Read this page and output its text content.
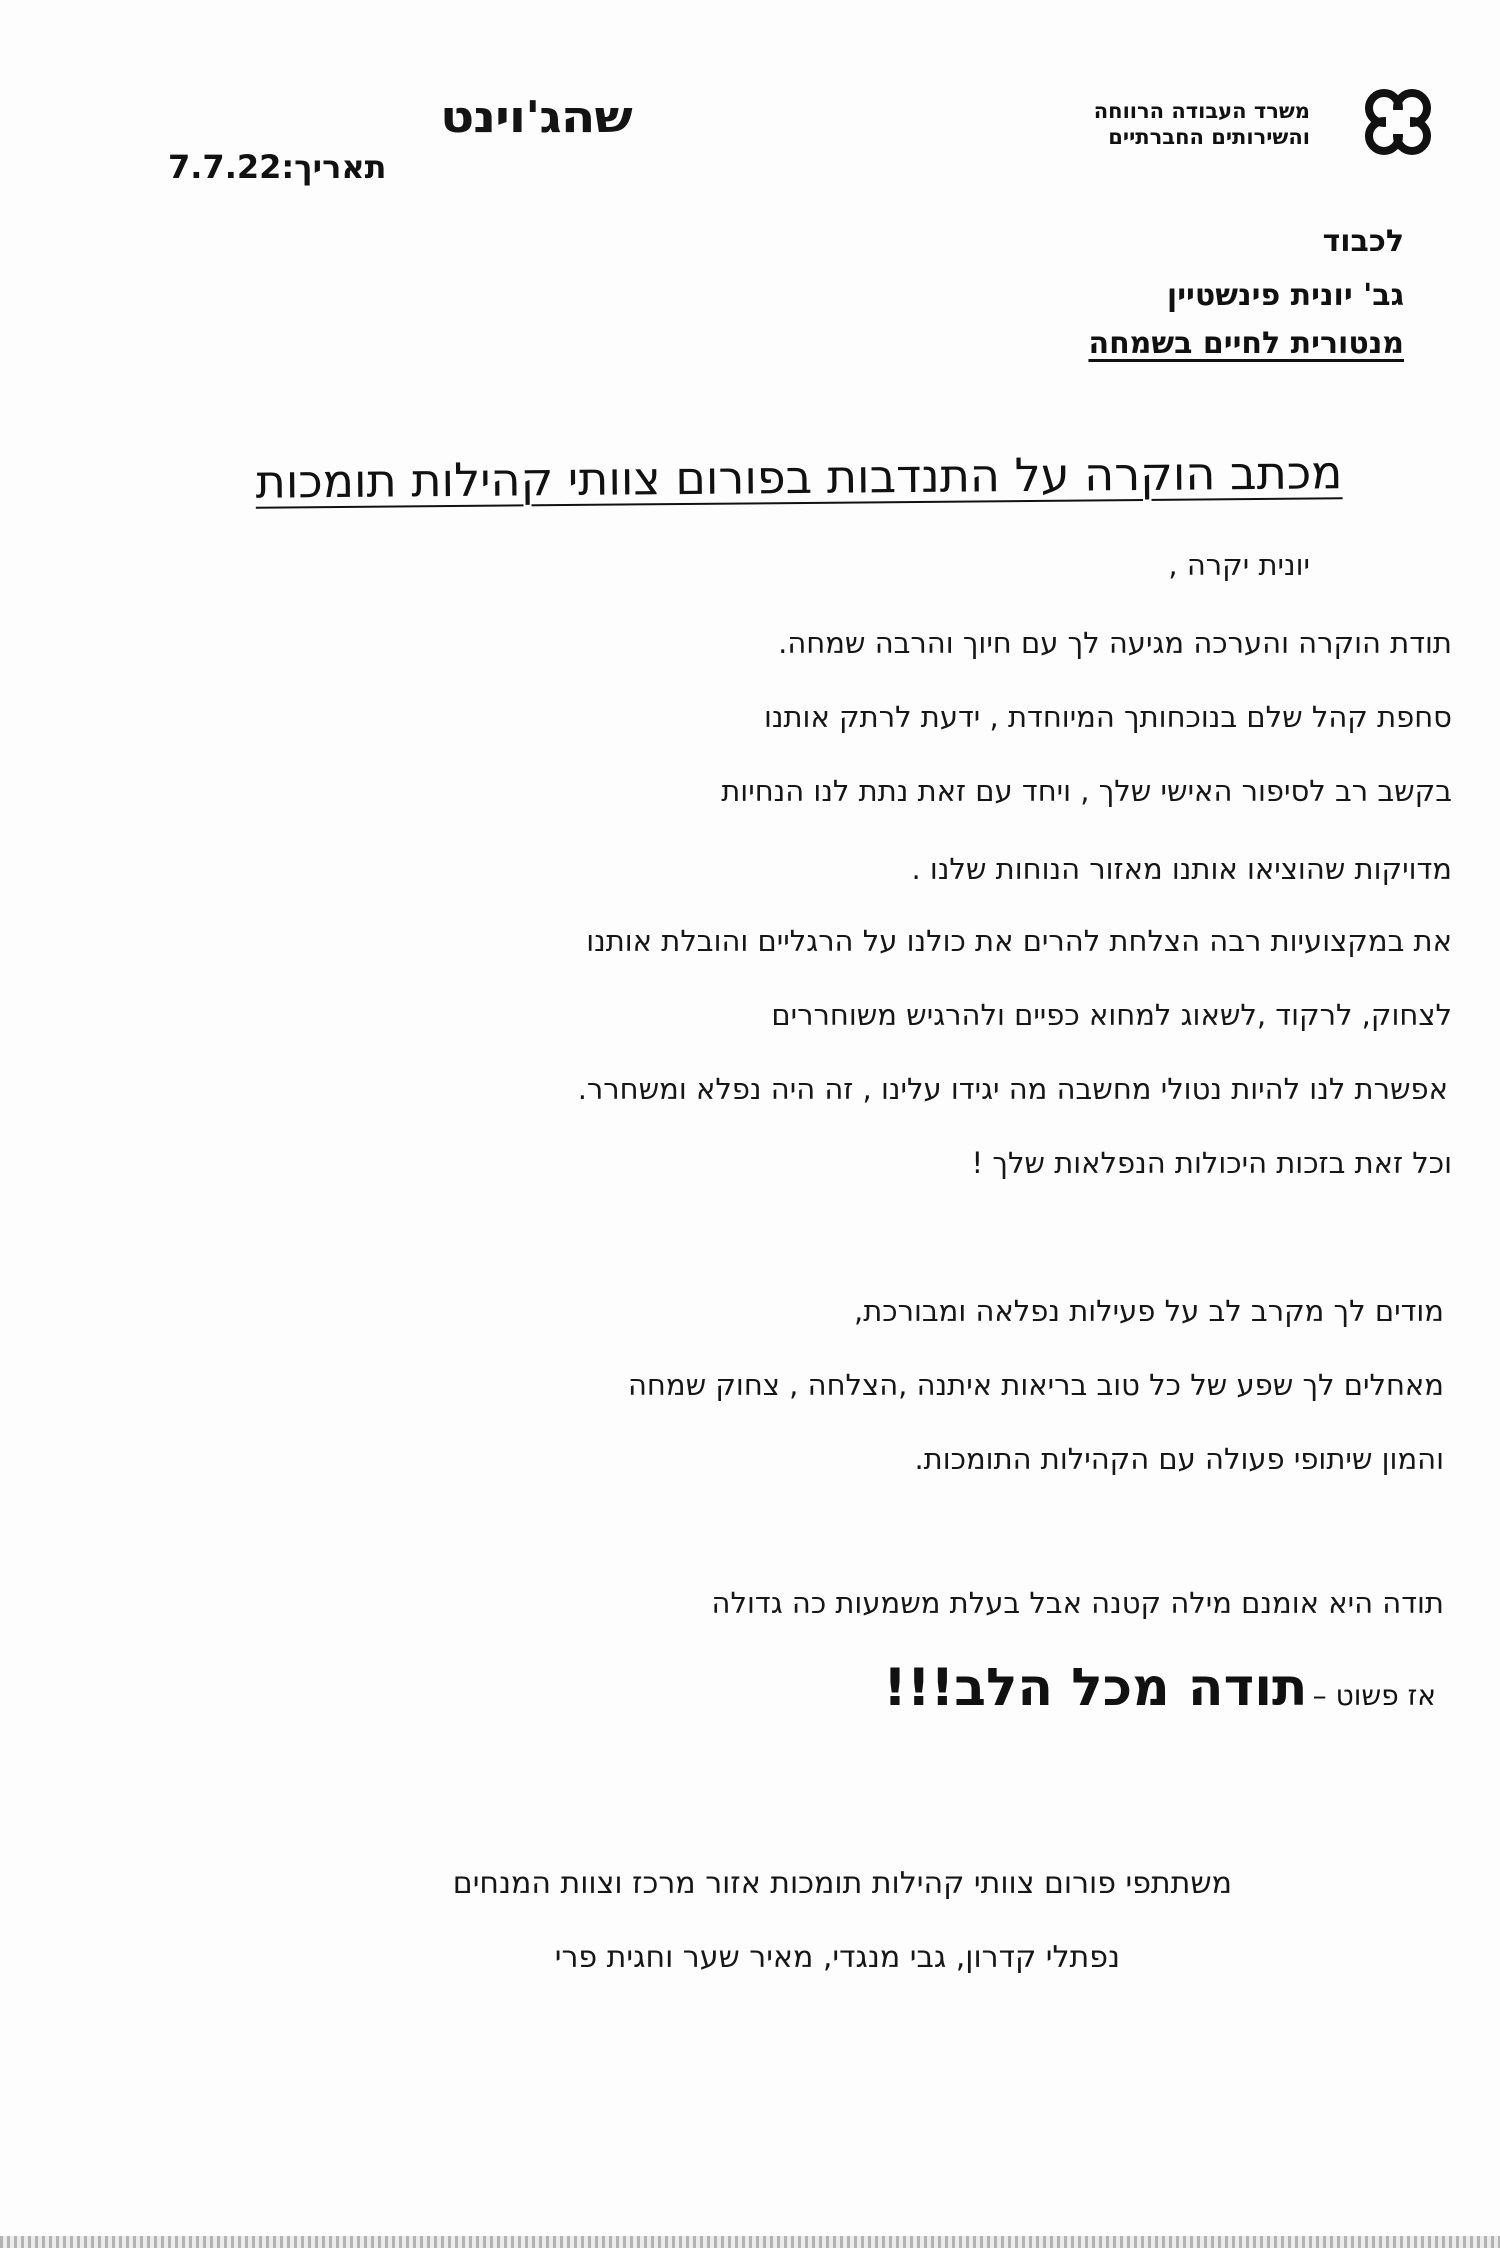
משרד העבודה הרווחה
והשירותים החברתיים
שהג'וינט
תאריך:7.7.22
לכבוד
גב' יונית פינשטיין
מנטורית לחיים בשמחה
מכתב הוקרה על התנדבות בפורום צוותי קהילות תומכות
יונית יקרה ,
תודת הוקרה והערכה מגיעה לך עם חיוך והרבה שמחה.
סחפת קהל שלם בנוכחותך המיוחדת , ידעת לרתק אותנו
בקשב רב לסיפור האישי שלך , ויחד עם זאת נתת לנו הנחיות
מדויקות שהוציאו אותנו מאזור הנוחות שלנו .
את במקצועיות רבה הצלחת להרים את כולנו על הרגליים והובלת אותנו
לצחוק, לרקוד ,לשאוג למחוא כפיים ולהרגיש משוחררים
אפשרת לנו להיות נטולי מחשבה מה יגידו עלינו , זה היה נפלא ומשחרר.
וכל זאת בזכות היכולות הנפלאות שלך !
מודים לך מקרב לב על פעילות נפלאה ומבורכת,
מאחלים לך שפע של כל טוב בריאות איתנה ,הצלחה , צחוק שמחה
והמון שיתופי פעולה עם הקהילות התומכות.
תודה היא אומנם מילה קטנה אבל בעלת משמעות כה גדולה
אז פשוט – תודה מכל הלב!!!
משתתפי פורום צוותי קהילות תומכות אזור מרכז וצוות המנחים
נפתלי קדרון, גבי מנגדי, מאיר שער וחגית פרי
